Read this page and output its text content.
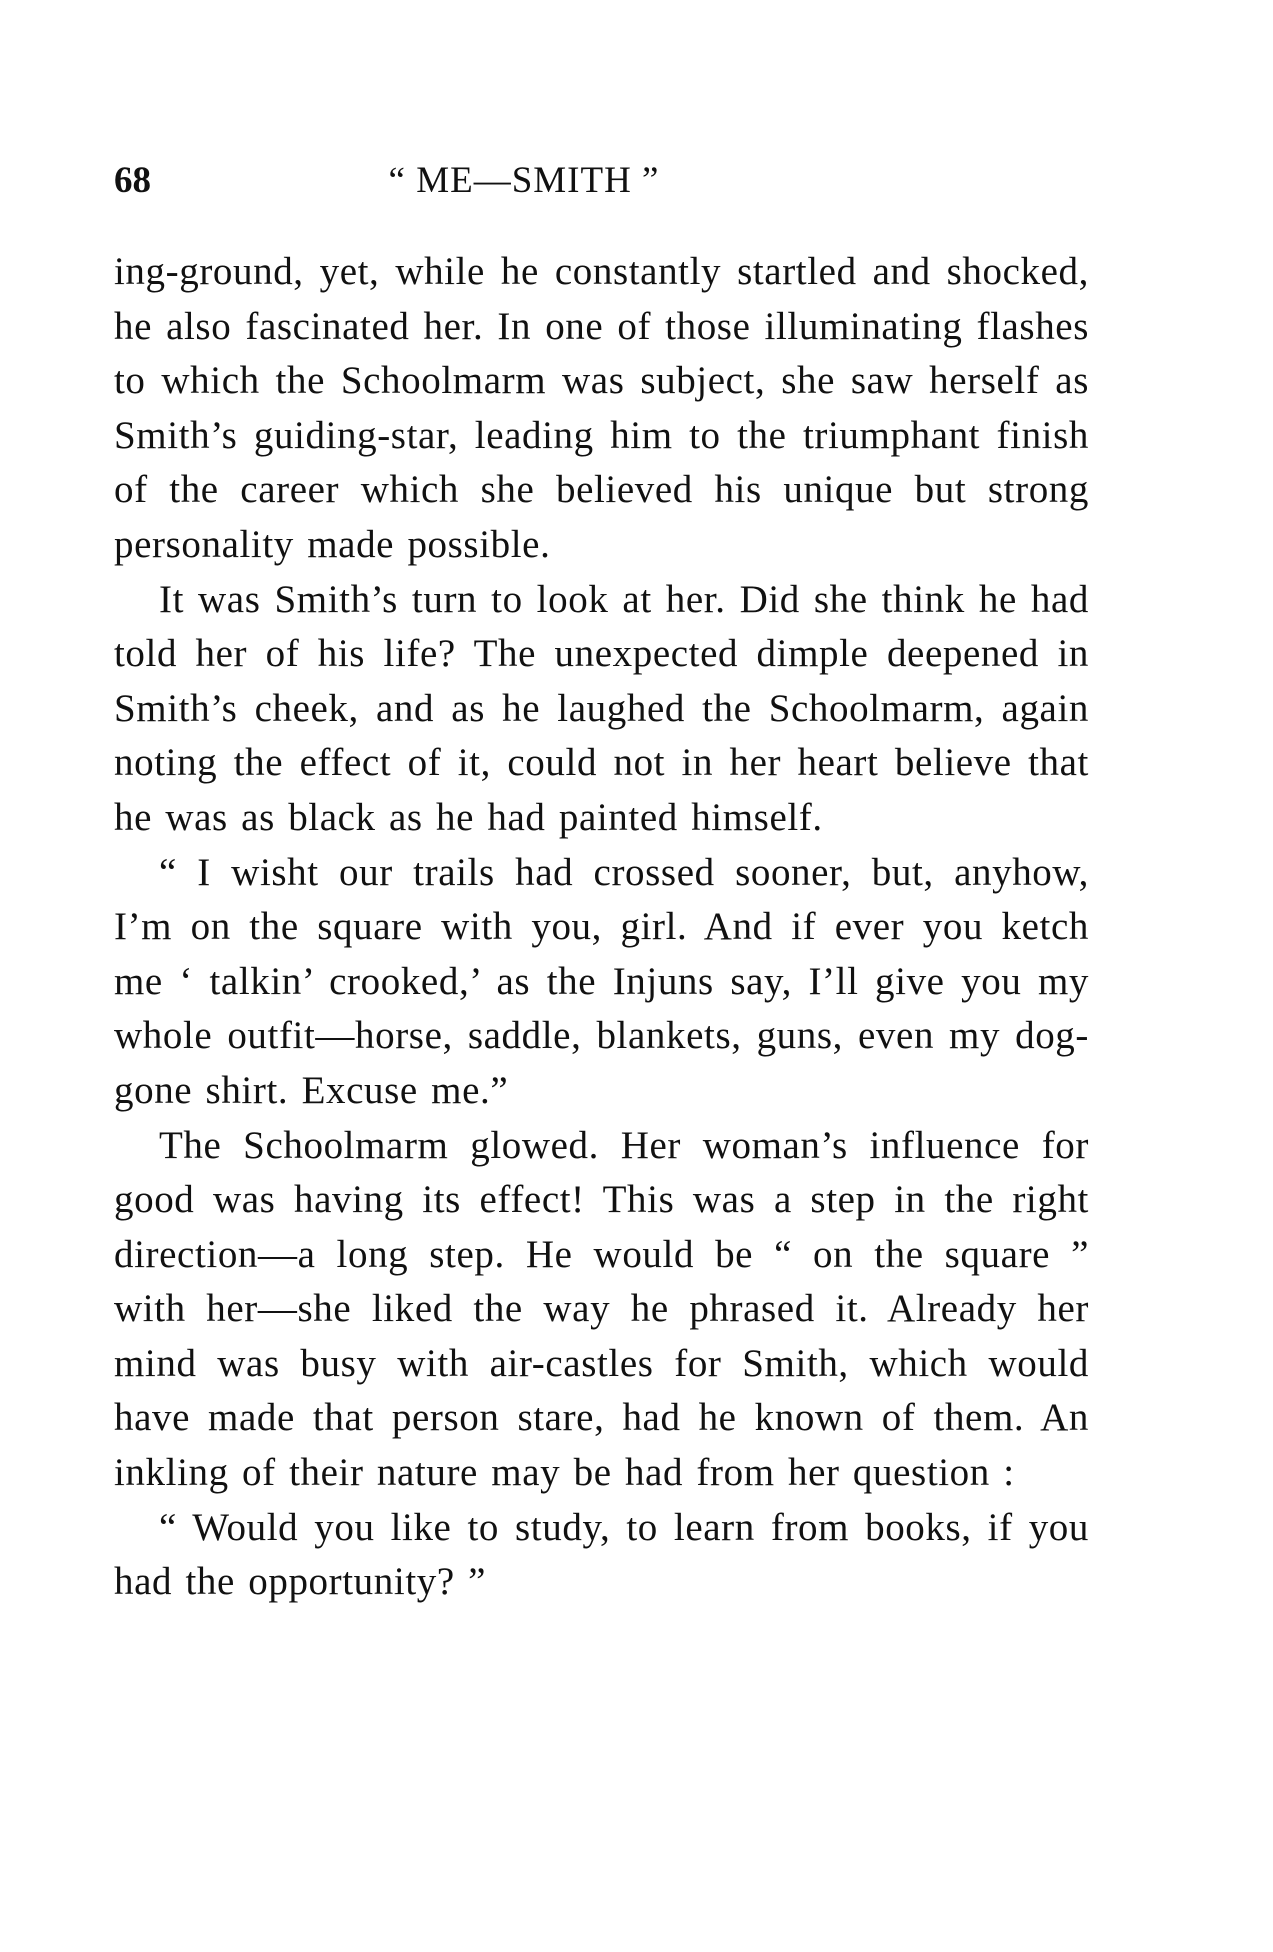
68	“ ME—SMITH ”

ing-ground, yet, while he constantly startled and shocked, he also fascinated her. In one of those illuminating flashes to which the Schoolmarm was subject, she saw herself as Smith’s guiding-star, leading him to the triumphant finish of the career which she believed his unique but strong personality made possible.

It was Smith’s turn to look at her. Did she think he had told her of his life? The unexpected dimple deepened in Smith’s cheek, and as he laughed the Schoolmarm, again noting the effect of it, could not in her heart believe that he was as black as he had painted himself.

“ I wisht our trails had crossed sooner, but, anyhow, I’m on the square with you, girl. And if ever you ketch me ‘ talkin’ crooked,’ as the Injuns say, I’ll give you my whole outfit—horse, saddle, blankets, guns, even my dog-gone shirt. Excuse me.”

The Schoolmarm glowed. Her woman’s influence for good was having its effect! This was a step in the right direction—a long step. He would be “ on the square ” with her—she liked the way he phrased it. Already her mind was busy with air-castles for Smith, which would have made that person stare, had he known of them. An inkling of their nature may be had from her question :

“ Would you like to study, to learn from books, if you had the opportunity? ”
